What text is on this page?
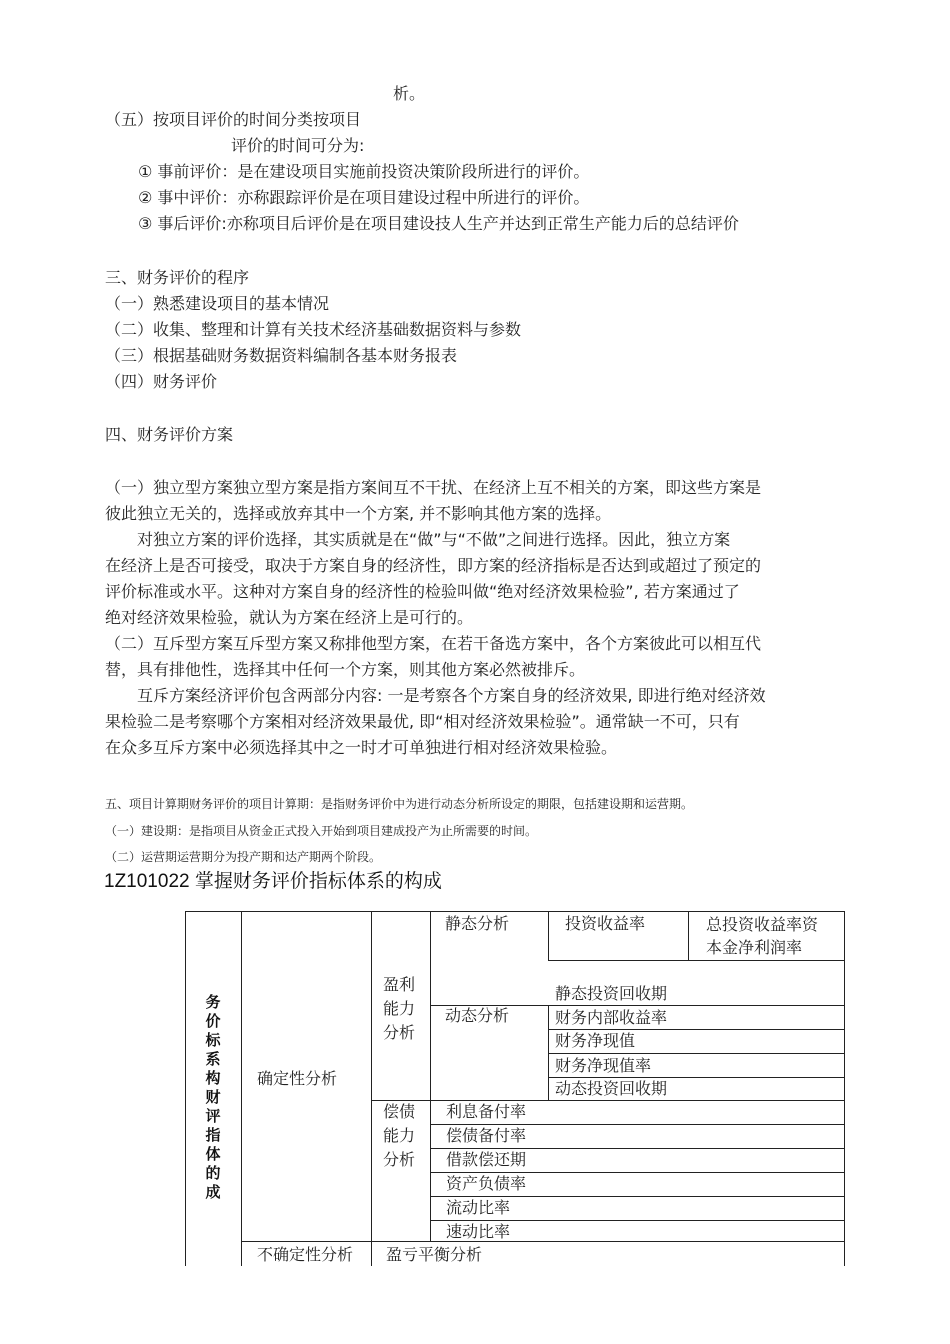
析。
（五）按项目评价的时间分类按项目
评价的时间可分为:
① 事前评价：是在建设项目实施前投资决策阶段所进行的评价。
② 事中评价：亦称跟踪评价是在项目建设过程中所进行的评价。
③ 事后评价:亦称项目后评价是在项目建设技人生产并达到正常生产能力后的总结评价
三、财务评价的程序
（一）熟悉建设项目的基本情况
（二）收集、整理和计算有关技术经济基础数据资料与参数
（三）根据基础财务数据资料编制各基本财务报表
（四）财务评价
四、财务评价方案
（一）独立型方案独立型方案是指方案间互不干扰、在经济上互不相关的方案，即这些方案是
彼此独立无关的，选择或放弃其中一个方案, 并不影响其他方案的选择。
对独立方案的评价选择，其实质就是在“做”与“不做”之间进行选择。因此，独立方案
在经济上是否可接受，取决于方案自身的经济性，即方案的经济指标是否达到或超过了预定的
评价标准或水平。这种对方案自身的经济性的检验叫做“绝对经济效果检验”, 若方案通过了
绝对经济效果检验，就认为方案在经济上是可行的。
（二）互斥型方案互斥型方案又称排他型方案，在若干备选方案中，各个方案彼此可以相互代
替，具有排他性，选择其中任何一个方案，则其他方案必然被排斥。
互斥方案经济评价包含两部分内容: 一是考察各个方案自身的经济效果, 即进行绝对经济效
果检验二是考察哪个方案相对经济效果最优, 即“相对经济效果检验”。通常缺一不可，只有
在众多互斥方案中必须选择其中之一时才可单独进行相对经济效果检验。
五、项目计算期财务评价的项目计算期：是指财务评价中为进行动态分析所设定的期限，包括建设期和运营期。
（一）建设期：是指项目从资金正式投入开始到项目建成投产为止所需要的时间。
（二）运营期运营期分为投产期和达产期两个阶段。
1Z101022 掌握财务评价指标体系的构成
务
价
标
系
构
财
评
指
体
的
成
确定性分析
不确定性分析
盈利
能力
分析
偿债
能力
分析
盈亏平衡分析
静态分析
动态分析
利息备付率
偿债备付率
借款偿还期
资产负债率
流动比率
速动比率
投资收益率
静态投资回收期
财务内部收益率
财务净现值
财务净现值率
动态投资回收期
总投资收益率资
本金净利润率
